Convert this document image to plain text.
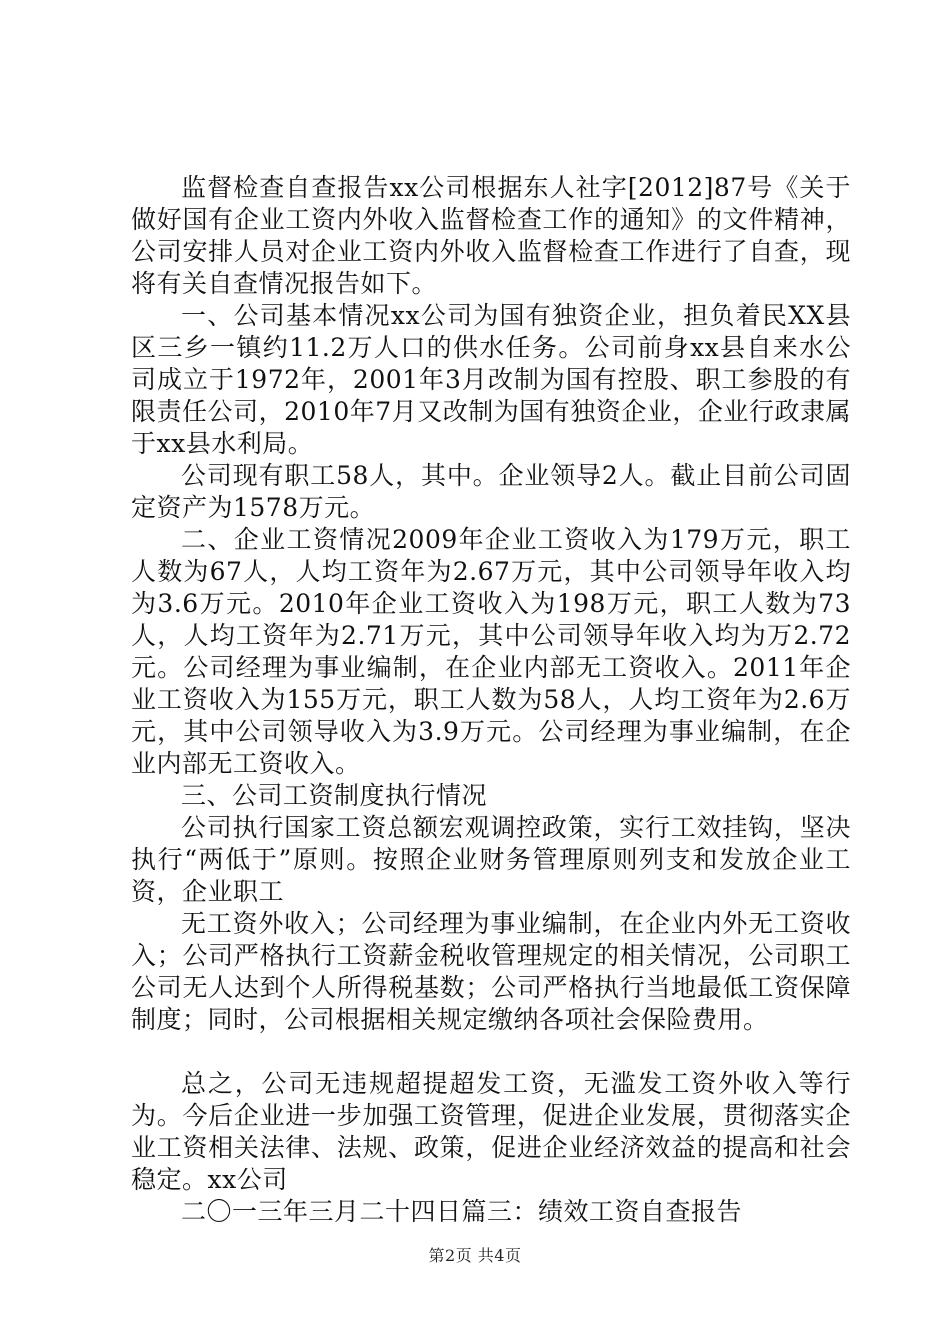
监督检查自查报告xx公司根据东人社字[2012]87号《关于做好国有企业工资内外收入监督检查工作的通知》的文件精神，公司安排人员对企业工资内外收入监督检查工作进行了自查，现将有关自查情况报告如下。

一、公司基本情况xx公司为国有独资企业，担负着民XX县区三乡一镇约11.2万人口的供水任务。公司前身xx县自来水公司成立于1972年，2001年3月改制为国有控股、职工参股的有限责任公司，2010年7月又改制为国有独资企业，企业行政隶属于xx县水利局。

公司现有职工58人，其中。企业领导2人。截止目前公司固定资产为1578万元。

二、企业工资情况2009年企业工资收入为179万元，职工人数为67人，人均工资年为2.67万元，其中公司领导年收入均为3.6万元。2010年企业工资收入为198万元，职工人数为73人，人均工资年为2.71万元，其中公司领导年收入均为万2.72元。公司经理为事业编制，在企业内部无工资收入。2011年企业工资收入为155万元，职工人数为58人，人均工资年为2.6万元，其中公司领导收入为3.9万元。公司经理为事业编制，在企业内部无工资收入。

三、公司工资制度执行情况

公司执行国家工资总额宏观调控政策，实行工效挂钩，坚决执行“两低于”原则。按照企业财务管理原则列支和发放企业工资，企业职工

无工资外收入；公司经理为事业编制，在企业内外无工资收入；公司严格执行工资薪金税收管理规定的相关情况，公司职工公司无人达到个人所得税基数；公司严格执行当地最低工资保障制度；同时，公司根据相关规定缴纳各项社会保险费用。

总之，公司无违规超提超发工资，无滥发工资外收入等行为。今后企业进一步加强工资管理，促进企业发展，贯彻落实企业工资相关法律、法规、政策，促进企业经济效益的提高和社会稳定。xx公司

二〇一三年三月二十四日篇三：绩效工资自查报告

第2页 共4页
